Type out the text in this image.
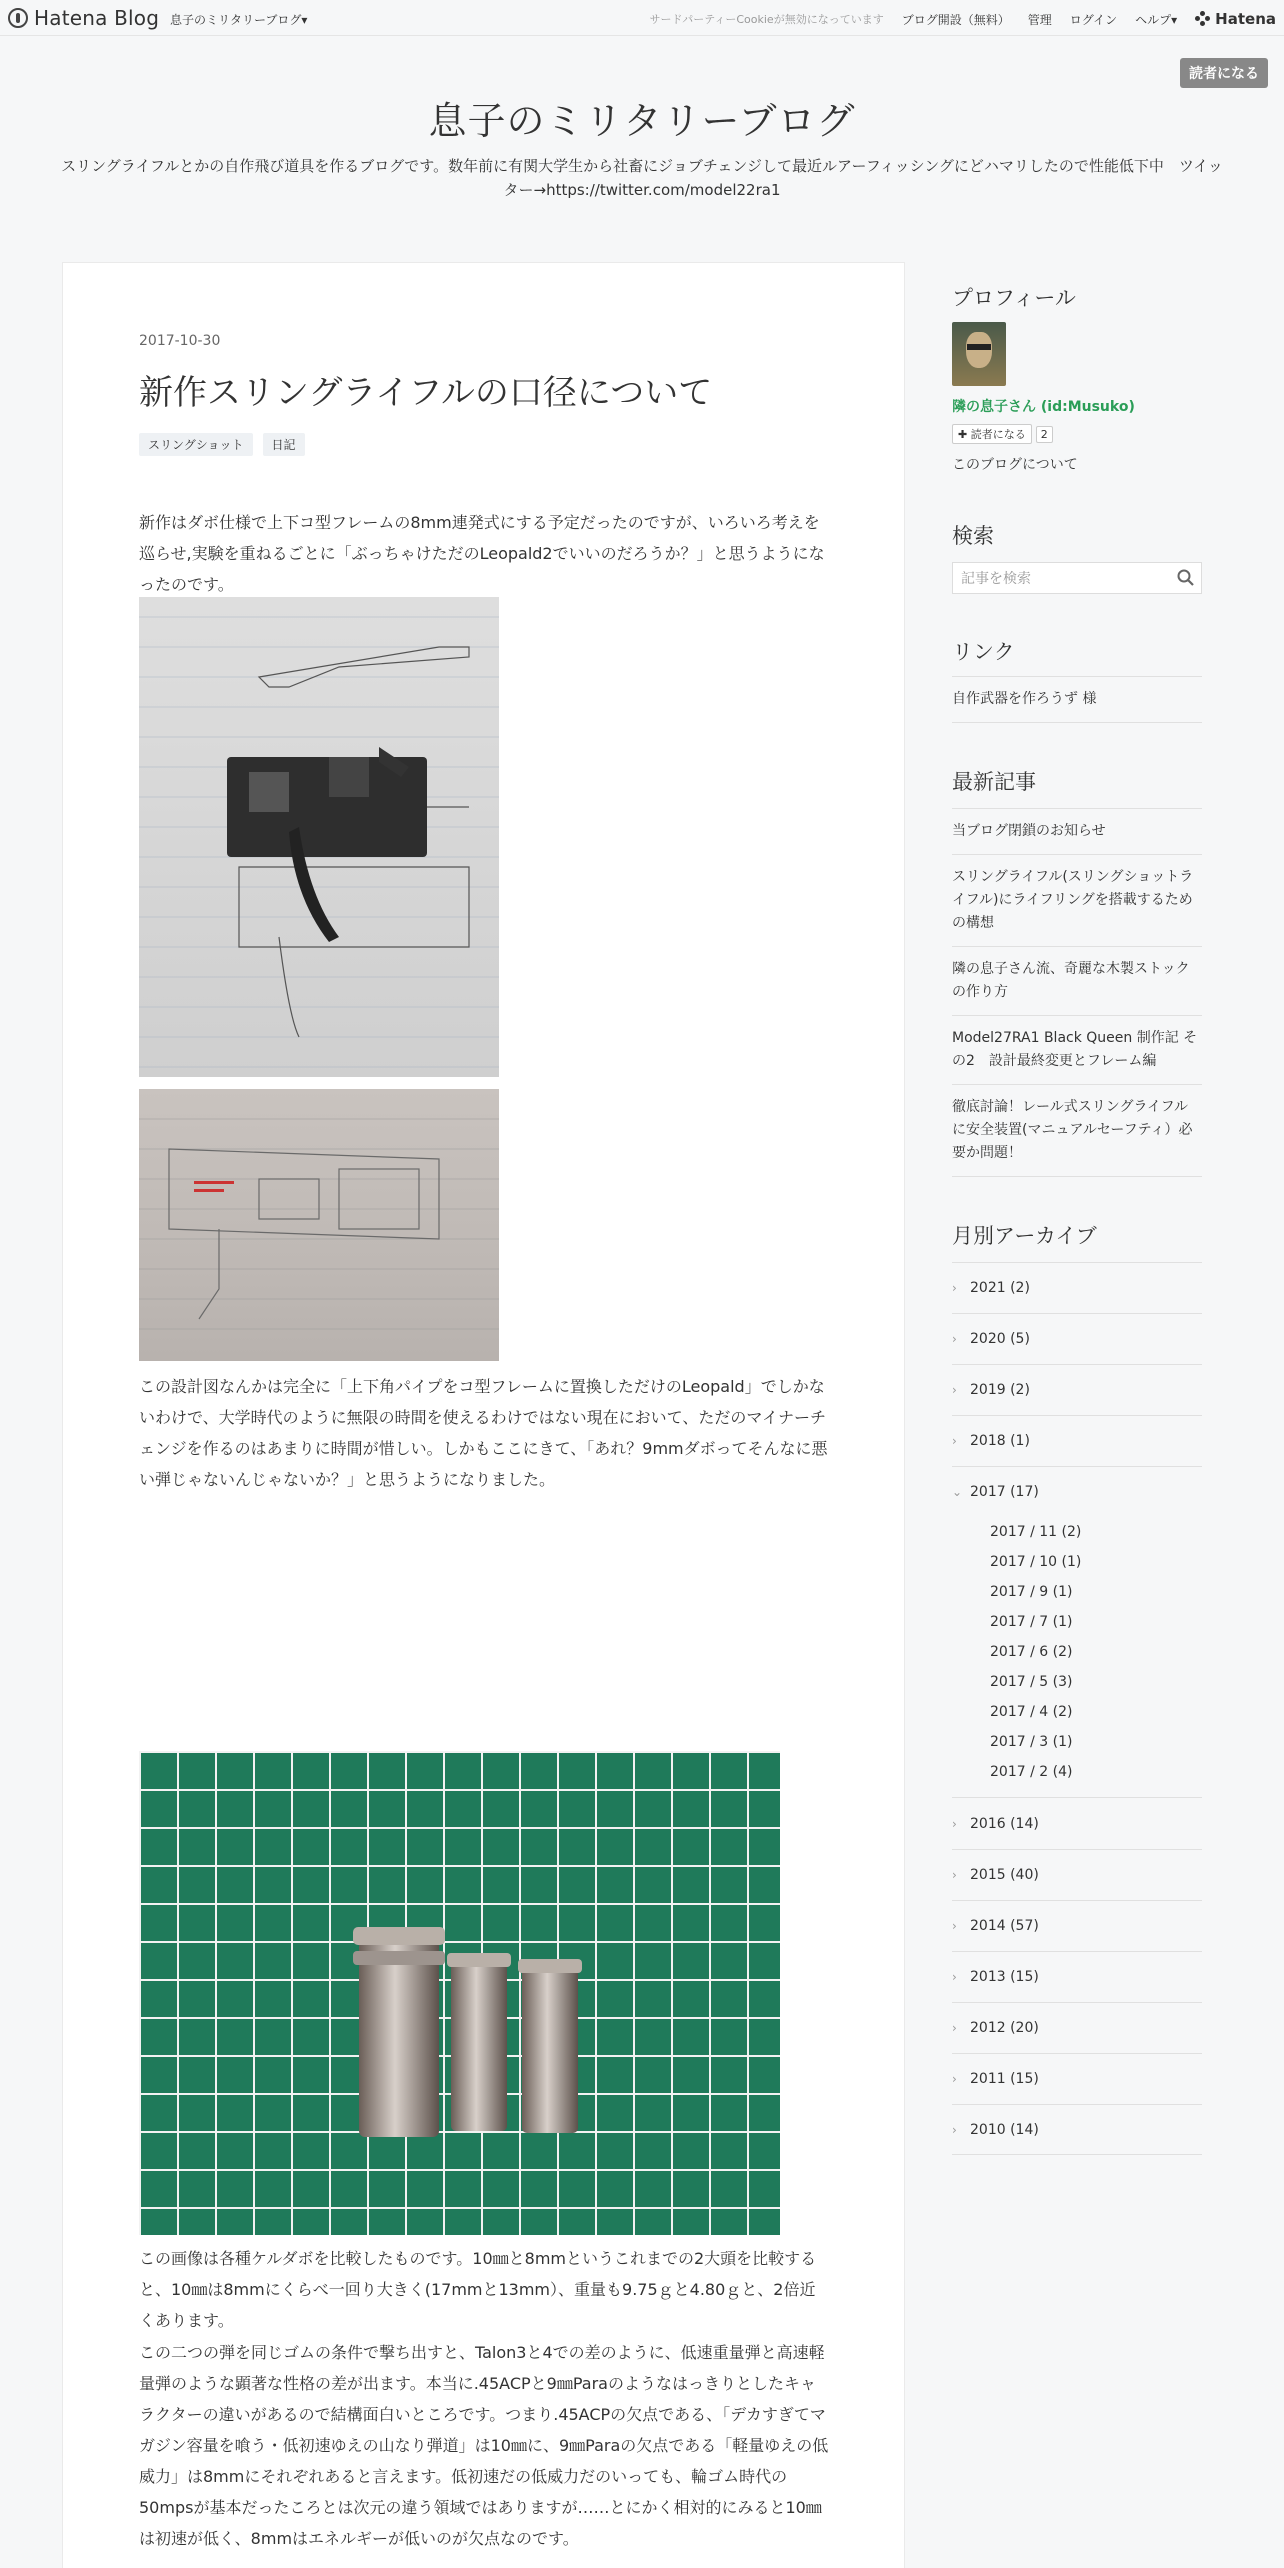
Hatena Blog 息子のミリタリーブログ▾	サードパーティーCookieが無効になっています ブログ開設（無料） 管理 ログイン ヘルプ▾	Hatena
読者になる
息子のミリタリーブログ
スリングライフルとかの自作飛び道具を作るブログです。数年前に有関大学生から社畜にジョブチェンジして最近ルアーフィッシングにどハマリしたので性能低下中　ツイッター→https://twitter.com/model22ra1
2017-10-30
新作スリングライフルの口径について
スリングショット	日記
新作はダボ仕様で上下コ型フレームの8mm連発式にする予定だったのですが、いろいろ考えを巡らせ,実験を重ねるごとに「ぶっちゃけただのLeopald2でいいのだろうか？」と思うようになったのです。
この設計図なんかは完全に「上下角パイプをコ型フレームに置換しただけのLeopald」でしかないわけで、大学時代のように無限の時間を使えるわけではない現在において、ただのマイナーチェンジを作るのはあまりに時間が惜しい。しかもここにきて、「あれ？9mmダボってそんなに悪い弾じゃないんじゃないか？」と思うようになりました。
この画像は各種ケルダボを比較したものです。10㎜と8mmというこれまでの2大頭を比較すると、10㎜は8mmにくらべ一回り大きく(17mmと13mm）、重量も9.75ｇと4.80ｇと、2倍近くあります。
この二つの弾を同じゴムの条件で撃ち出すと、Talon3と4での差のように、低速重量弾と高速軽量弾のような顕著な性格の差が出ます。本当に.45ACPと9㎜Paraのようなはっきりとしたキャラクターの違いがあるので結構面白いところです。つまり.45ACPの欠点である、「デカすぎてマガジン容量を喰う・低初速ゆえの山なり弾道」は10㎜に、9㎜Paraの欠点である「軽量ゆえの低威力」は8mmにそれぞれあると言えます。低初速だの低威力だのいっても、輪ゴム時代の50mpsが基本だったころとは次元の違う領域ではありますが……とにかく相対的にみると10㎜は初速が低く、8mmはエネルギーが低いのが欠点なのです。
プロフィール
隣の息子さん (id:Musuko)
✚ 読者になる	2
このブログについて
検索
記事を検索
リンク
自作武器を作ろうず 様
最新記事
当ブログ閉鎖のお知らせ
スリングライフル(スリングショットライフル)にライフリングを搭載するための構想
隣の息子さん流、奇麗な木製ストックの作り方
Model27RA1 Black Queen 制作記 その2　設計最終変更とフレーム編
徹底討論！レール式スリングライフルに安全装置(マニュアルセーフティ）必要か問題！
月別アーカイブ
› 2021 (2)
› 2020 (5)
› 2019 (2)
› 2018 (1)
⌄ 2017 (17)
2017 / 11 (2)
2017 / 10 (1)
2017 / 9 (1)
2017 / 7 (1)
2017 / 6 (2)
2017 / 5 (3)
2017 / 4 (2)
2017 / 3 (1)
2017 / 2 (4)
› 2016 (14)
› 2015 (40)
› 2014 (57)
› 2013 (15)
› 2012 (20)
› 2011 (15)
› 2010 (14)
